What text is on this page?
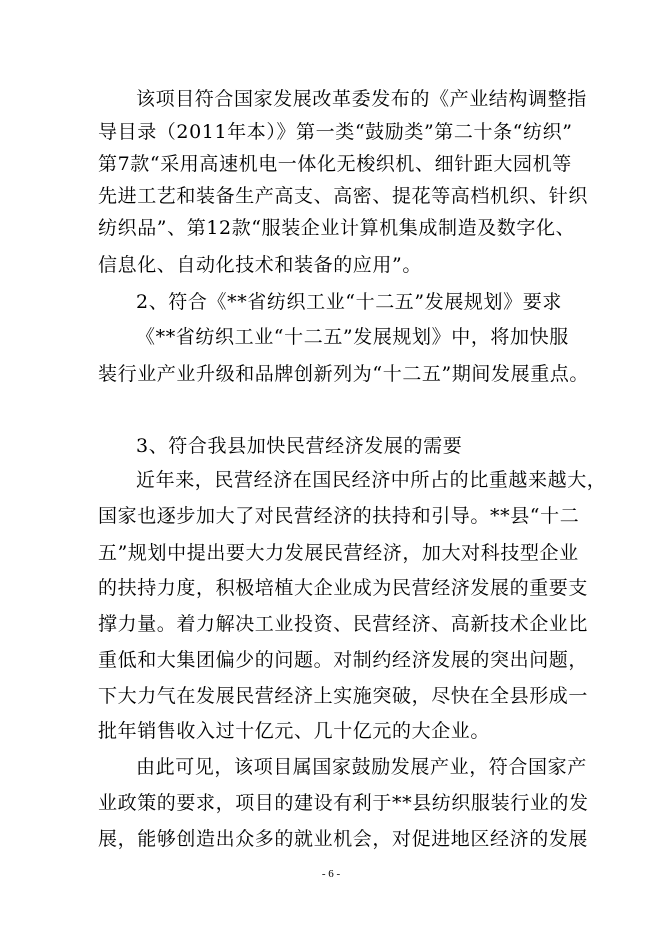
该项目符合国家发展改革委发布的《产业结构调整指
导目录（2011年本）》第一类“鼓励类”第二十条“纺织”
第7款“采用高速机电一体化无梭织机、细针距大园机等
先进工艺和装备生产高支、高密、提花等高档机织、针织
纺织品”、第12款“服装企业计算机集成制造及数字化、
信息化、自动化技术和装备的应用”。
2、符合《**省纺织工业“十二五”发展规划》要求
《**省纺织工业“十二五”发展规划》中，将加快服
装行业产业升级和品牌创新列为“十二五”期间发展重点。
3、符合我县加快民营经济发展的需要
近年来，民营经济在国民经济中所占的比重越来越大，
国家也逐步加大了对民营经济的扶持和引导。**县“十二
五”规划中提出要大力发展民营经济，加大对科技型企业
的扶持力度，积极培植大企业成为民营经济发展的重要支
撑力量。着力解决工业投资、民营经济、高新技术企业比
重低和大集团偏少的问题。对制约经济发展的突出问题，
下大力气在发展民营经济上实施突破，尽快在全县形成一
批年销售收入过十亿元、几十亿元的大企业。
由此可见，该项目属国家鼓励发展产业，符合国家产
业政策的要求，项目的建设有利于**县纺织服装行业的发
展，能够创造出众多的就业机会，对促进地区经济的发展
- 6 -
